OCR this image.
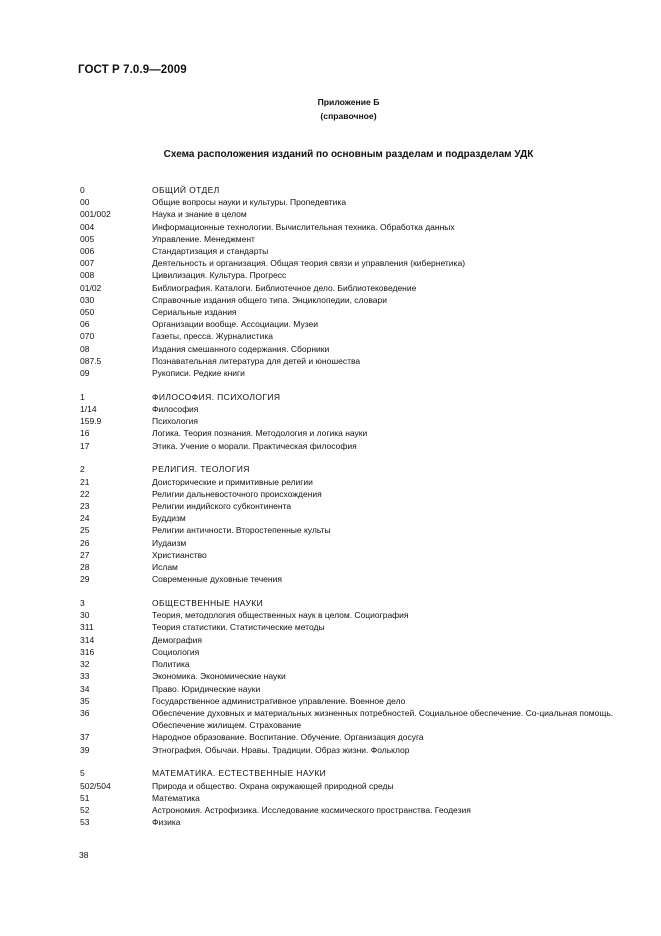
ГОСТ Р 7.0.9—2009
Приложение Б
(справочное)
Схема расположения изданий по основным разделам и подразделам УДК
0	ОБЩИЙ ОТДЕЛ
00	Общие вопросы науки и культуры. Пропедевтика
001/002	Наука и знание в целом
004	Информационные технологии. Вычислительная техника. Обработка данных
005	Управление. Менеджмент
006	Стандартизация и стандарты
007	Деятельность и организация. Общая теория связи и управления (кибернетика)
008	Цивилизация. Культура. Прогресс
01/02	Библиография. Каталоги. Библиотечное дело. Библиотековедение
030	Справочные издания общего типа. Энциклопедии, словари
050	Сериальные издания
06	Организации вообще. Ассоциации. Музеи
070	Газеты, пресса. Журналистика
08	Издания смешанного содержания. Сборники
087.5	Познавательная литература для детей и юношества
09	Рукописи. Редкие книги
1	ФИЛОСОФИЯ. ПСИХОЛОГИЯ
1/14	Философия
159.9	Психология
16	Логика. Теория познания. Методология и логика науки
17	Этика. Учение о морали. Практическая философия
2	РЕЛИГИЯ. ТЕОЛОГИЯ
21	Доисторические и примитивные религии
22	Религии дальневосточного происхождения
23	Религии индийского субконтинента
24	Буддизм
25	Религии античности. Второстепенные культы
26	Иудаизм
27	Христианство
28	Ислам
29	Современные духовные течения
3	ОБЩЕСТВЕННЫЕ НАУКИ
30	Теория, методология общественных наук в целом. Социография
311	Теория статистики. Статистические методы
314	Демография
316	Социология
32	Политика
33	Экономика. Экономические науки
34	Право. Юридические науки
35	Государственное административное управление. Военное дело
36	Обеспечение духовных и материальных жизненных потребностей. Социальное обеспечение. Со-циальная помощь. Обеспечение жилищем. Страхование
37	Народное образование. Воспитание. Обучение. Организация досуга
39	Этнография. Обычаи. Нравы. Традиции. Образ жизни. Фольклор
5	МАТЕМАТИКА. ЕСТЕСТВЕННЫЕ НАУКИ
502/504	Природа и общество. Охрана окружающей природной среды
51	Математика
52	Астрономия. Астрофизика. Исследование космического пространства. Геодезия
53	Физика
38
